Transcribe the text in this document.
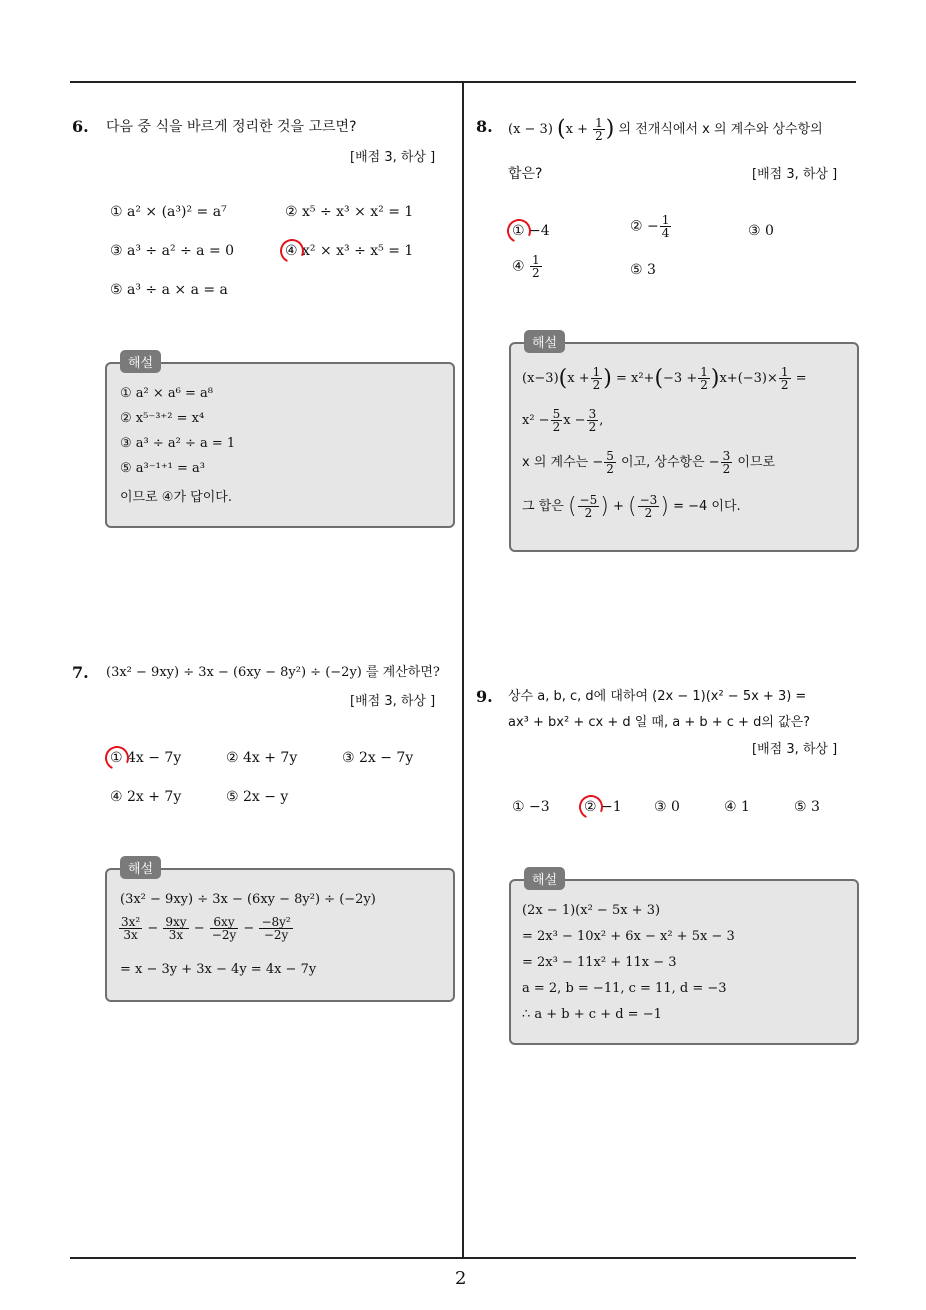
2
6. 다음 중 식을 바르게 정리한 것을 고르면?
[배점 3, 하상 ]
① a² × (a³)² = a⁷	② x⁵ ÷ x³ × x² = 1
③ a³ ÷ a² ÷ a = 0	④ x² × x³ ÷ x⁵ = 1
⑤ a³ ÷ a × a = a
해설
① a² × a⁶ = a⁸
② x⁵⁻³⁺² = x⁴
③ a³ ÷ a² ÷ a = 1
⑤ a³⁻¹⁺¹ = a³
이므로 ④가 답이다.
7. (3x² − 9xy) ÷ 3x − (6xy − 8y²) ÷ (−2y) 를 계산하면?
[배점 3, 하상 ]
① 4x − 7y	② 4x + 7y	③ 2x − 7y
④ 2x + 7y	⑤ 2x − y
해설
(3x² − 9xy) ÷ 3x − (6xy − 8y²) ÷ (−2y)
$\frac{\text{3x²}}{3x} - \frac{9xy}{3x} - \frac{6xy}{-2y} - \frac{\text{−8y²}}{-2y}$
= x − 3y + 3x − 4y = 4x − 7y
8. (x − 3) ($x + \frac{1}{2}$ ) 의 전개식에서 x 의 계수와 상수항의
합은?	[배점 3, 하상 ]
① −4	② − $\frac{1}{4}$	③ 0
④ $\frac{1}{2}$	⑤ 3
해설
$(x-3)(x + \frac{1}{2}$ ) = $x^2+(-3 + \frac{1}{2} )x+(-3)\times \frac{1}{2}$ =
$x^2 - \frac{5}{2}$ $x - \frac{3}{2}$ ,
x 의 계수는 − $\frac{5}{2}$ 이고, 상수항은 − $\frac{3}{2}$ 이므로
그 합은 ( $\frac{-5}{2}$ ) + ( $\frac{-3}{2}$ ) = −4 이다.
9. 상수 a, b, c, d에 대하여 (2x − 1)(x² − 5x + 3) =
ax³ + bx² + cx + d 일 때, a + b + c + d의 값은?
[배점 3, 하상 ]
① −3 ② −1 ③ 0	④ 1	⑤ 3
해설
(2x − 1)(x² − 5x + 3)
= 2x³ − 10x² + 6x − x² + 5x − 3
= 2x³ − 11x² + 11x − 3
a = 2, b = −11, c = 11, d = −3
∴ a + b + c + d = −1
